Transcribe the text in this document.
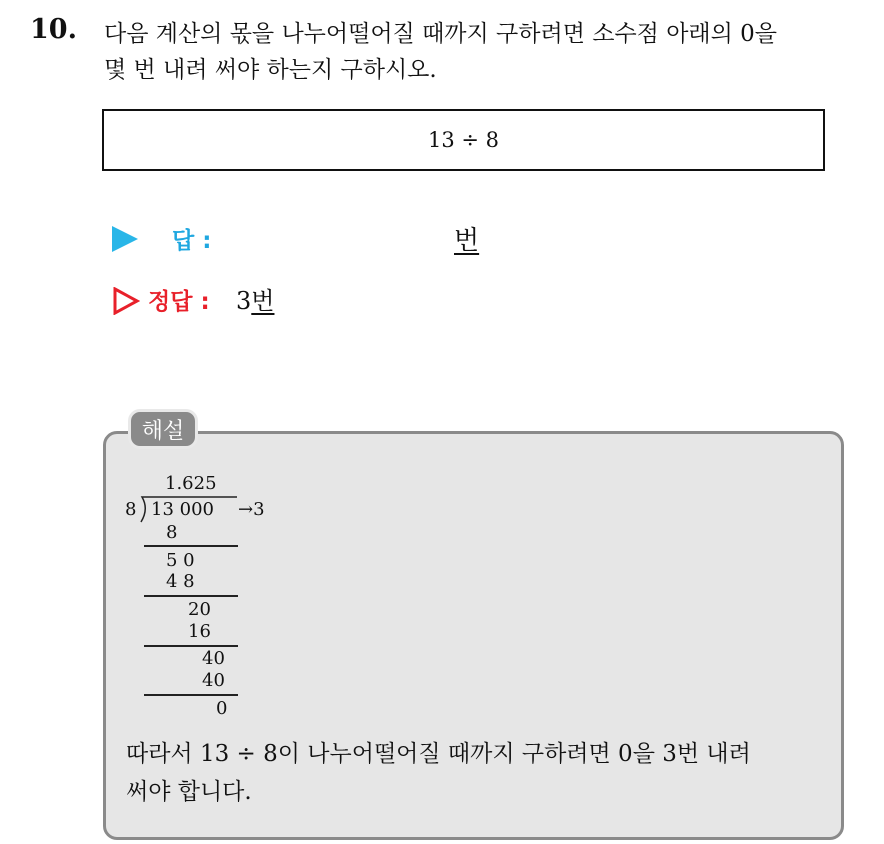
10. 다음 계산의 몫을 나누어떨어질 때까지 구하려면 소수점 아래의 0을
몇 번 내려 써야 하는지 구하시오.
13 ÷ 8
답 :	번
정답 : 3번
해설
1.625
8 13 000 →3
8
5 0
4 8
20
16
40
40
0
따라서 13 ÷ 8이 나누어떨어질 때까지 구하려면 0을 3번 내려
써야 합니다.
